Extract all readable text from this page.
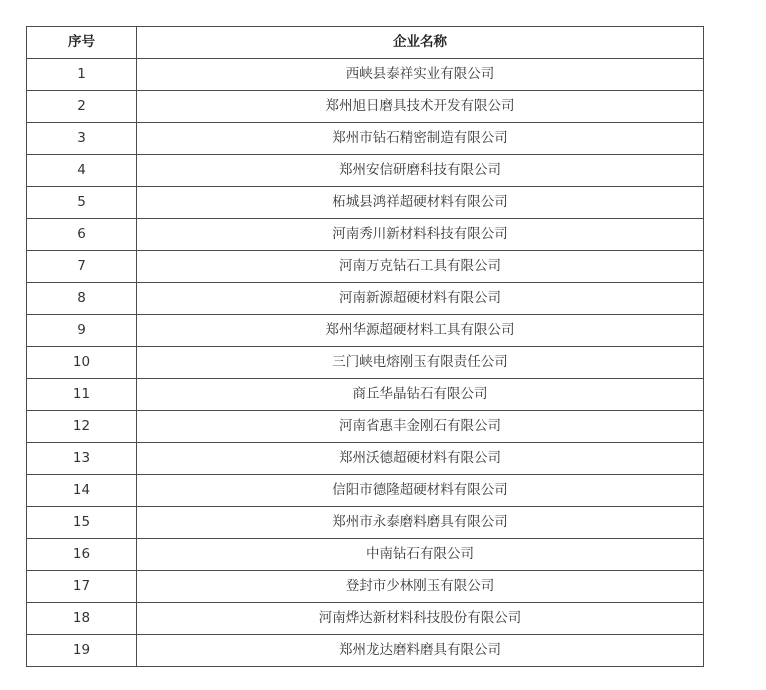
序号	企业名称
1	西峡县泰祥实业有限公司
2	郑州旭日磨具技术开发有限公司
3	郑州市钻石精密制造有限公司
4	郑州安信研磨科技有限公司
5	柘城县鸿祥超硬材料有限公司
6	河南秀川新材料科技有限公司
7	河南万克钻石工具有限公司
8	河南新源超硬材料有限公司
9	郑州华源超硬材料工具有限公司
10	三门峡电熔刚玉有限责任公司
11	商丘华晶钻石有限公司
12	河南省惠丰金刚石有限公司
13	郑州沃德超硬材料有限公司
14	信阳市德隆超硬材料有限公司
15	郑州市永泰磨料磨具有限公司
16	中南钻石有限公司
17	登封市少林刚玉有限公司
18	河南烨达新材料科技股份有限公司
19	郑州龙达磨料磨具有限公司
